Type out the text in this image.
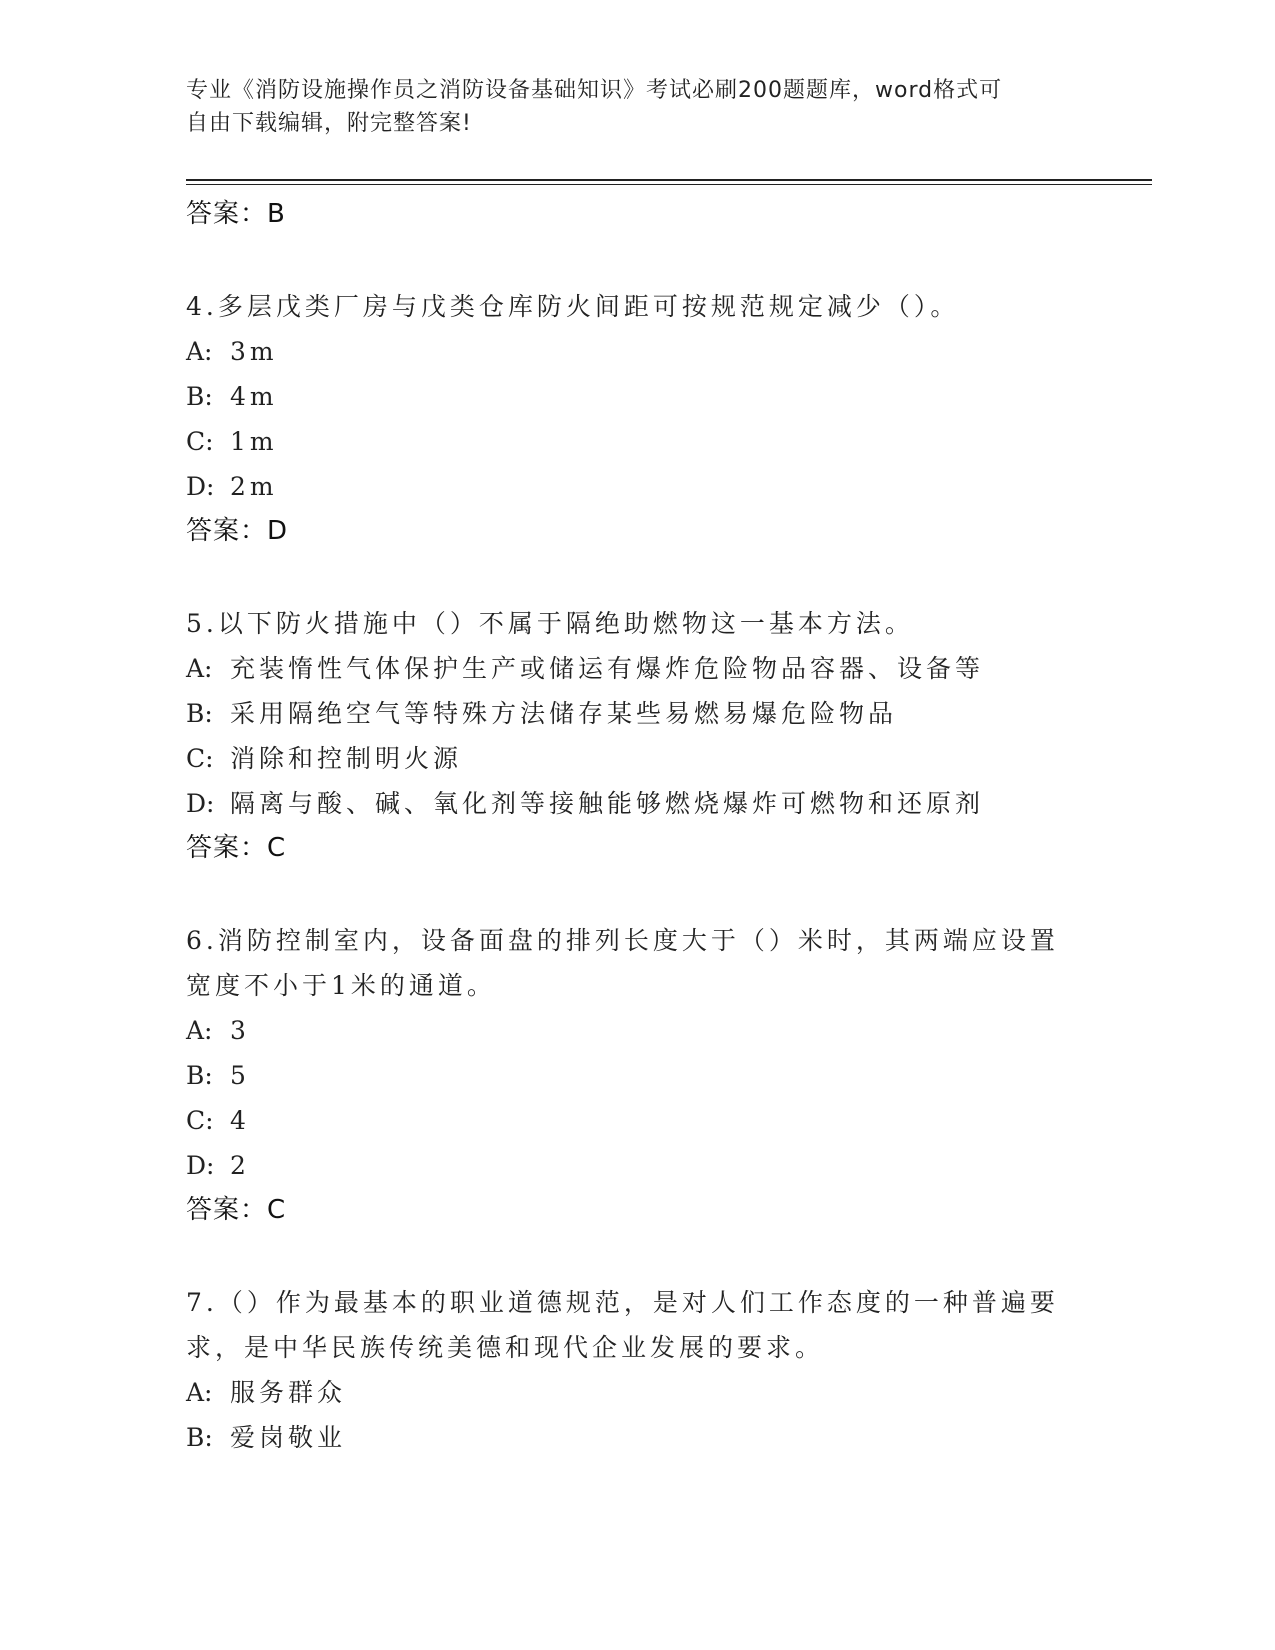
专业《消防设施操作员之消防设备基础知识》考试必刷200题题库，word格式可
自由下载编辑，附完整答案!
答案：B
4.多层戊类厂房与戊类仓库防火间距可按规范规定减少（）。
A: 3m
B: 4m
C: 1m
D: 2m
答案：D
5.以下防火措施中（）不属于隔绝助燃物这一基本方法。
A: 充装惰性气体保护生产或储运有爆炸危险物品容器、设备等
B: 采用隔绝空气等特殊方法储存某些易燃易爆危险物品
C: 消除和控制明火源
D: 隔离与酸、碱、氧化剂等接触能够燃烧爆炸可燃物和还原剂
答案：C
6.消防控制室内，设备面盘的排列长度大于（）米时，其两端应设置
宽度不小于1米的通道。
A: 3
B: 5
C: 4
D: 2
答案：C
7.（）作为最基本的职业道德规范，是对人们工作态度的一种普遍要
求，是中华民族传统美德和现代企业发展的要求。
A: 服务群众
B: 爱岗敬业
